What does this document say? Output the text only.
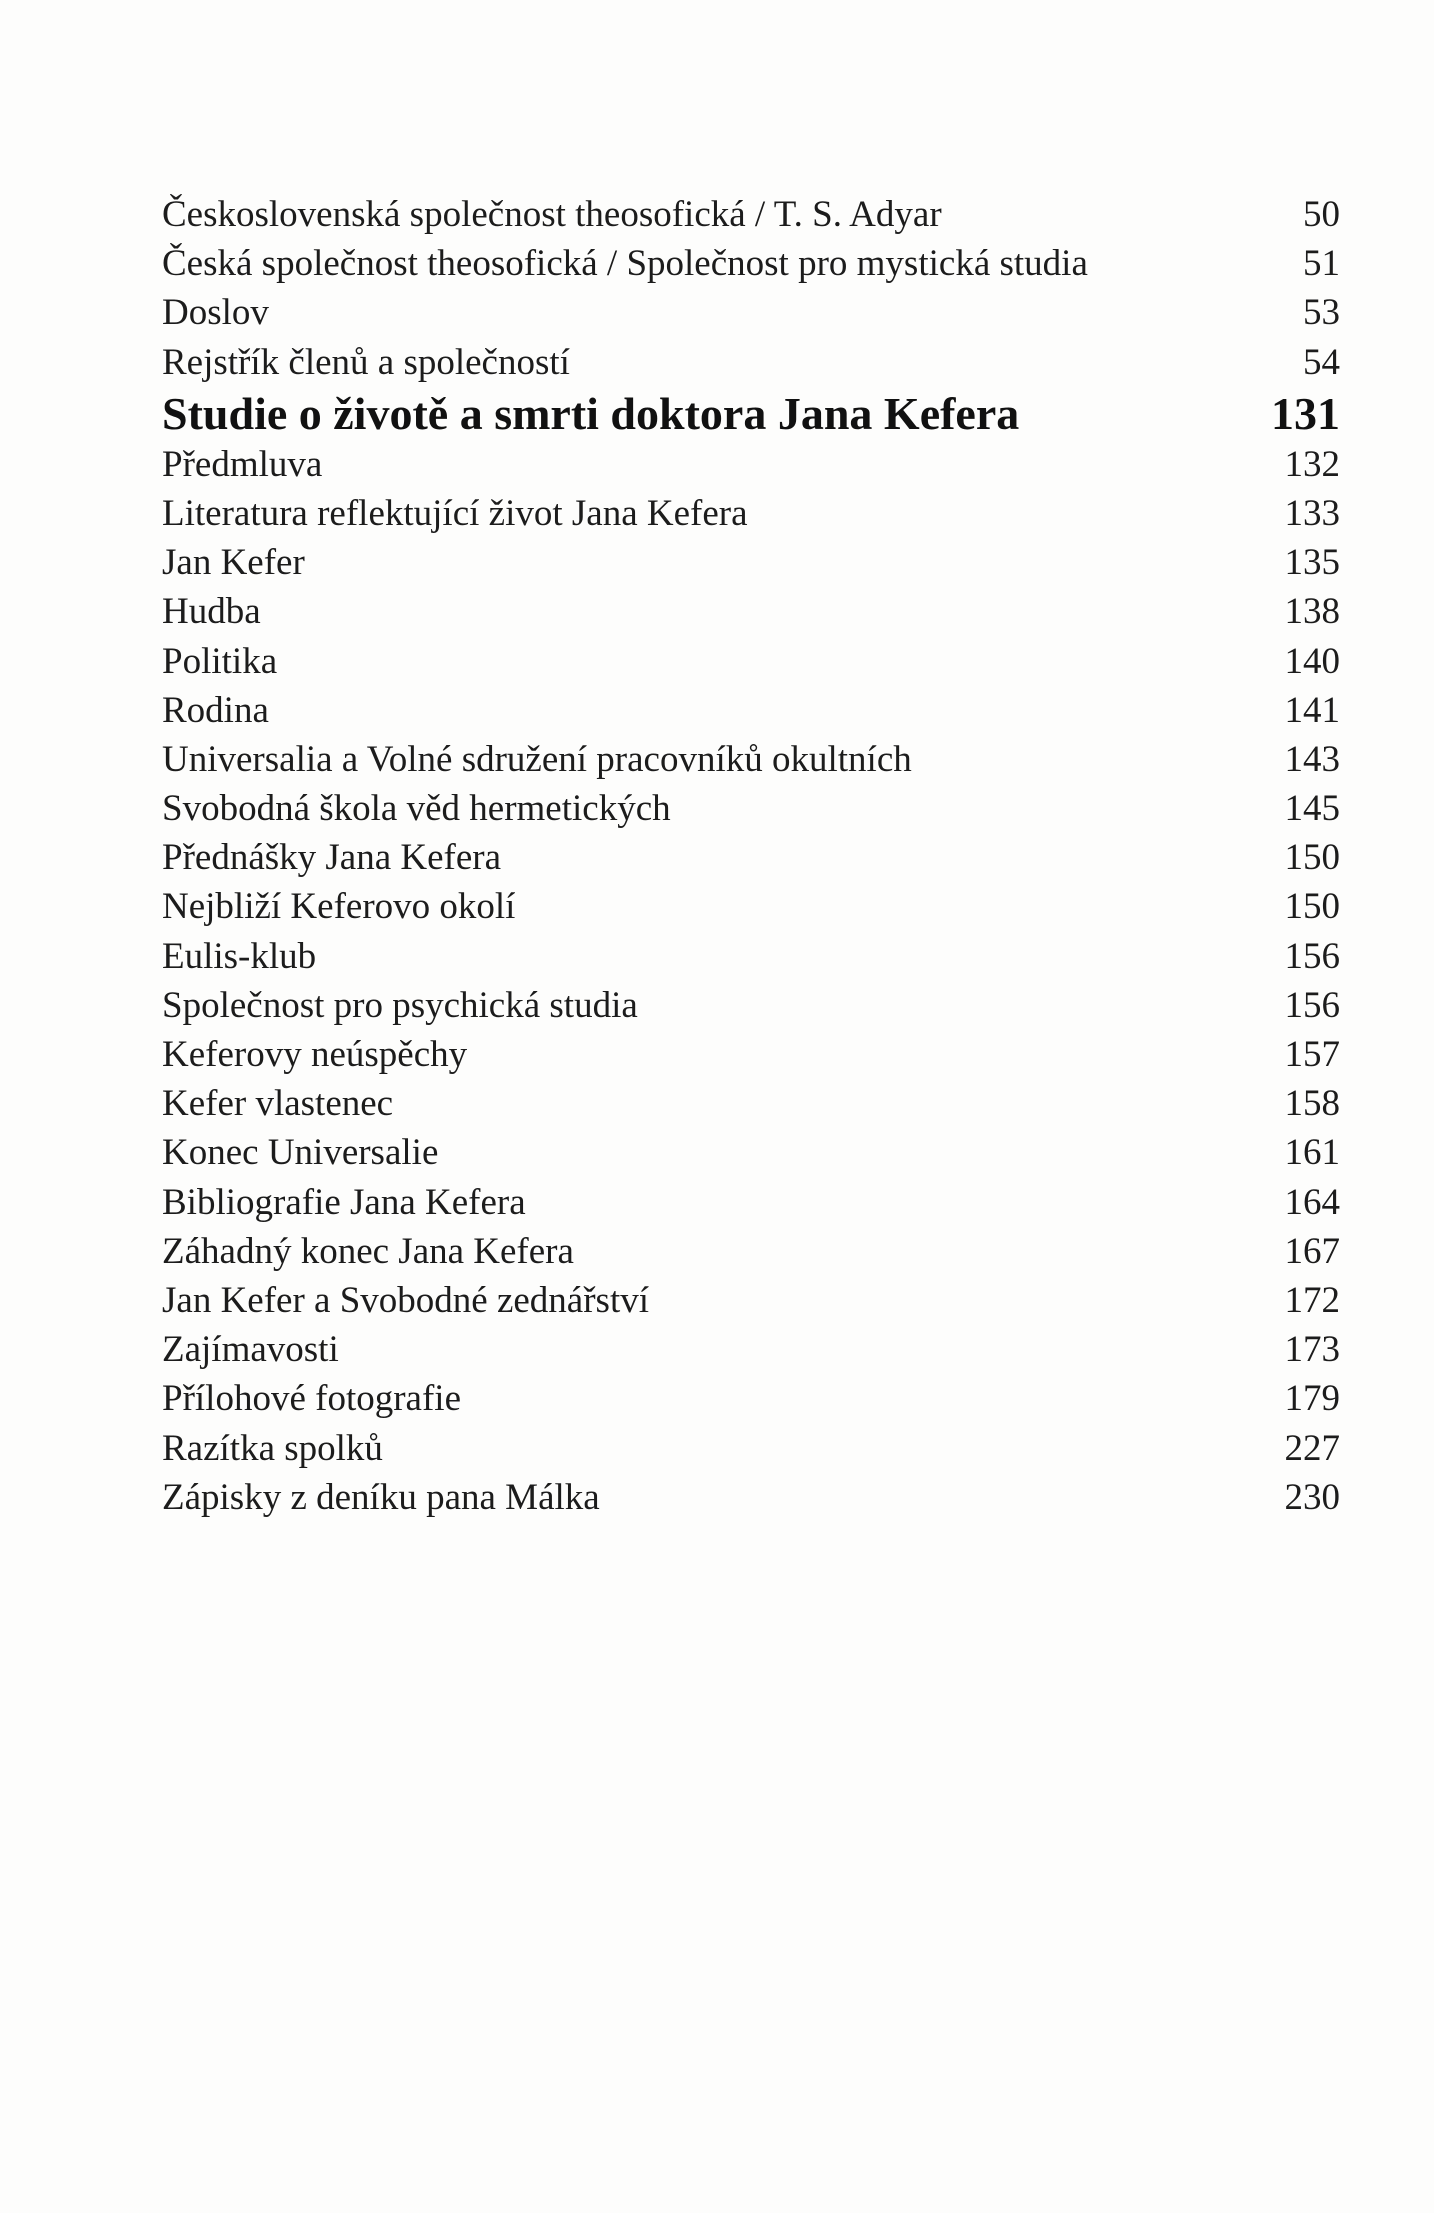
Československá společnost theosofická / T. S. Adyar	50
Česká společnost theosofická / Společnost pro mystická studia	51
Doslov	53
Rejstřík členů a společností	54
Studie o životě a smrti doktora Jana Kefera	131
Předmluva	132
Literatura reflektující život Jana Kefera	133
Jan Kefer	135
Hudba	138
Politika	140
Rodina	141
Universalia a Volné sdružení pracovníků okultních	143
Svobodná škola věd hermetických	145
Přednášky Jana Kefera	150
Nejbliží Keferovo okolí	150
Eulis-klub	156
Společnost pro psychická studia	156
Keferovy neúspěchy	157
Kefer vlastenec	158
Konec Universalie	161
Bibliografie Jana Kefera	164
Záhadný konec Jana Kefera	167
Jan Kefer a Svobodné zednářství	172
Zajímavosti	173
Přílohové fotografie	179
Razítka spolků	227
Zápisky z deníku pana Málka	230
